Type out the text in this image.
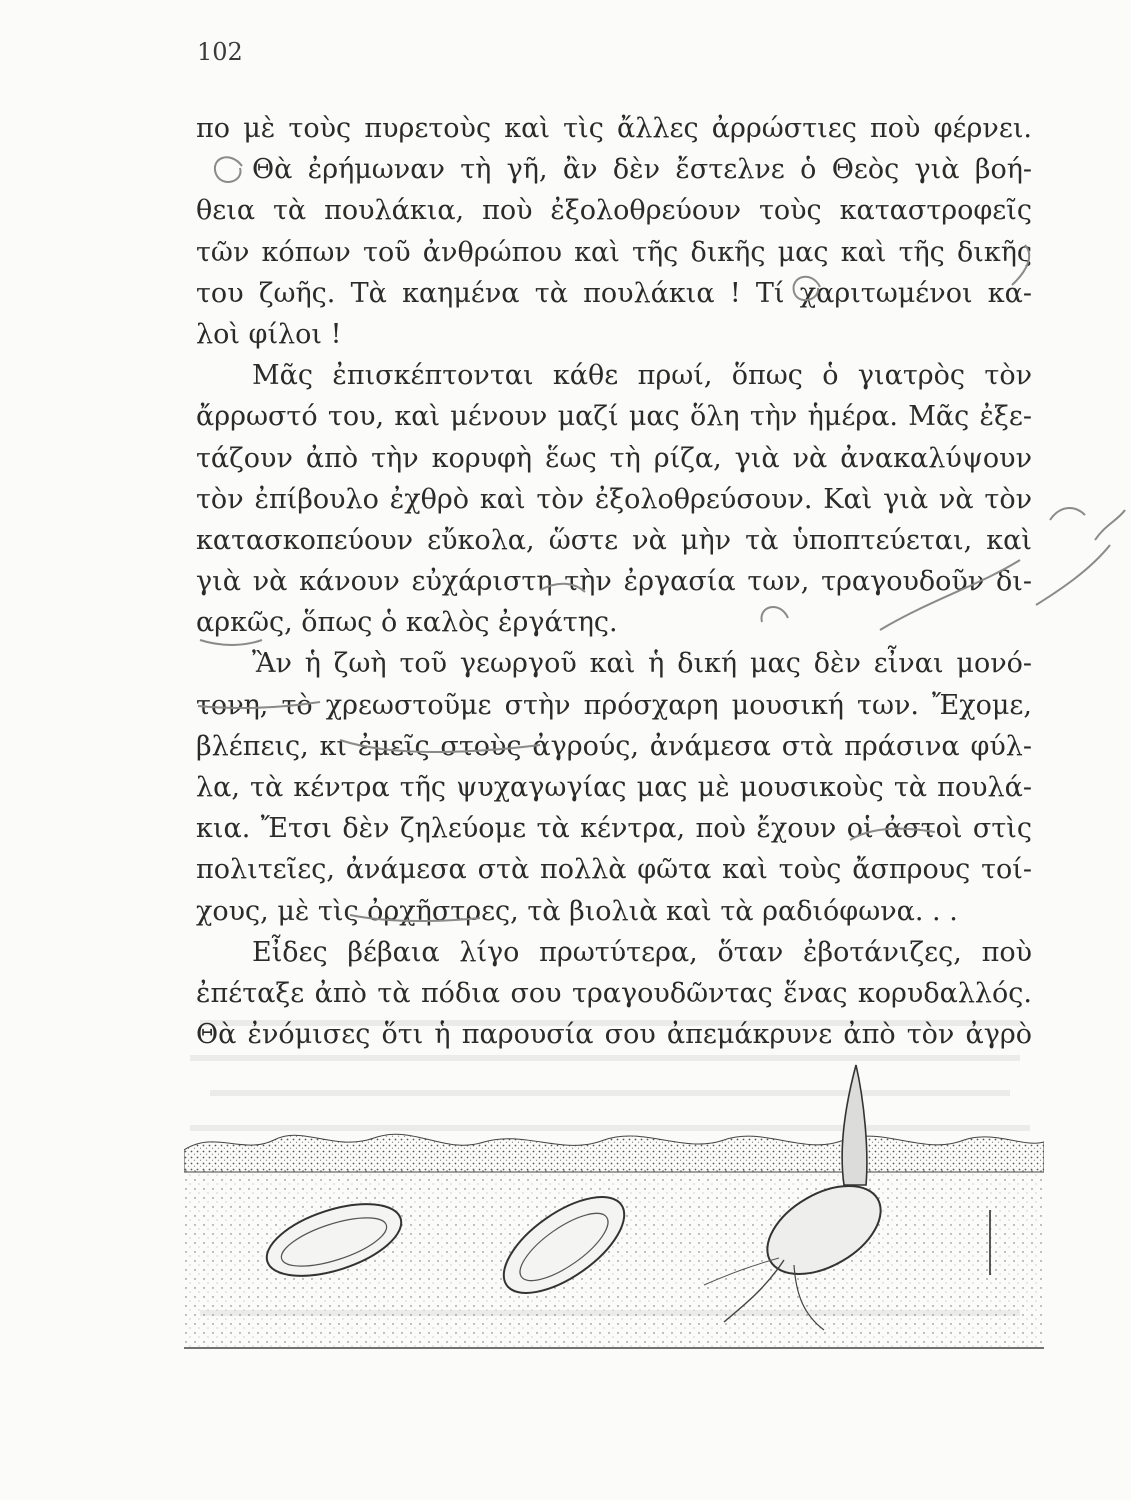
102
πο μὲ τοὺς πυρετοὺς καὶ τὶς ἄλλες ἀρρώστιες ποὺ φέρνει.
Θὰ ἐρήμωναν τὴ γῆ, ἂν δὲν ἔστελνε ὁ Θεὸς γιὰ βοή-
θεια τὰ πουλάκια, ποὺ ἐξολοθρεύουν τοὺς καταστροφεῖς
τῶν κόπων τοῦ ἀνθρώπου καὶ τῆς δικῆς μας καὶ τῆς δικῆς
του ζωῆς. Τὰ καημένα τὰ πουλάκια ! Τί χαριτωμένοι κα-
λοὶ φίλοι !
Μᾶς ἐπισκέπτονται κάθε πρωί, ὅπως ὁ γιατρὸς τὸν
ἄρρωστό του, καὶ μένουν μαζί μας ὅλη τὴν ἡμέρα. Μᾶς ἐξε-
τάζουν ἀπὸ τὴν κορυφὴ ἕως τὴ ρίζα, γιὰ νὰ ἀνακαλύψουν
τὸν ἐπίβουλο ἐχθρὸ καὶ τὸν ἐξολοθρεύσουν. Καὶ γιὰ νὰ τὸν
κατασκοπεύουν εὔκολα, ὥστε νὰ μὴν τὰ ὑποπτεύεται, καὶ
γιὰ νὰ κάνουν εὐχάριστη τὴν ἐργασία των, τραγουδοῦν δι-
αρκῶς, ὅπως ὁ καλὸς ἐργάτης.
Ἂν ἡ ζωὴ τοῦ γεωργοῦ καὶ ἡ δική μας δὲν εἶναι μονό-
τονη, τὸ χρεωστοῦμε στὴν πρόσχαρη μουσική των. Ἔχομε,
βλέπεις, κι ἐμεῖς στοὺς ἀγρούς, ἀνάμεσα στὰ πράσινα φύλ-
λα, τὰ κέντρα τῆς ψυχαγωγίας μας μὲ μουσικοὺς τὰ πουλά-
κια. Ἔτσι δὲν ζηλεύομε τὰ κέντρα, ποὺ ἔχουν οἱ ἀστοὶ στὶς
πολιτεῖες, ἀνάμεσα στὰ πολλὰ φῶτα καὶ τοὺς ἄσπρους τοί-
χους, μὲ τὶς ὀρχῆστρες, τὰ βιολιὰ καὶ τὰ ραδιόφωνα. . .
Εἶδες βέβαια λίγο πρωτύτερα, ὅταν ἐβοτάνιζες, ποὺ
ἐπέταξε ἀπὸ τὰ πόδια σου τραγουδῶντας ἕνας κορυδαλλός.
Θὰ ἐνόμισες ὅτι ἡ παρουσία σου ἀπεμάκρυνε ἀπὸ τὸν ἀγρὸ
